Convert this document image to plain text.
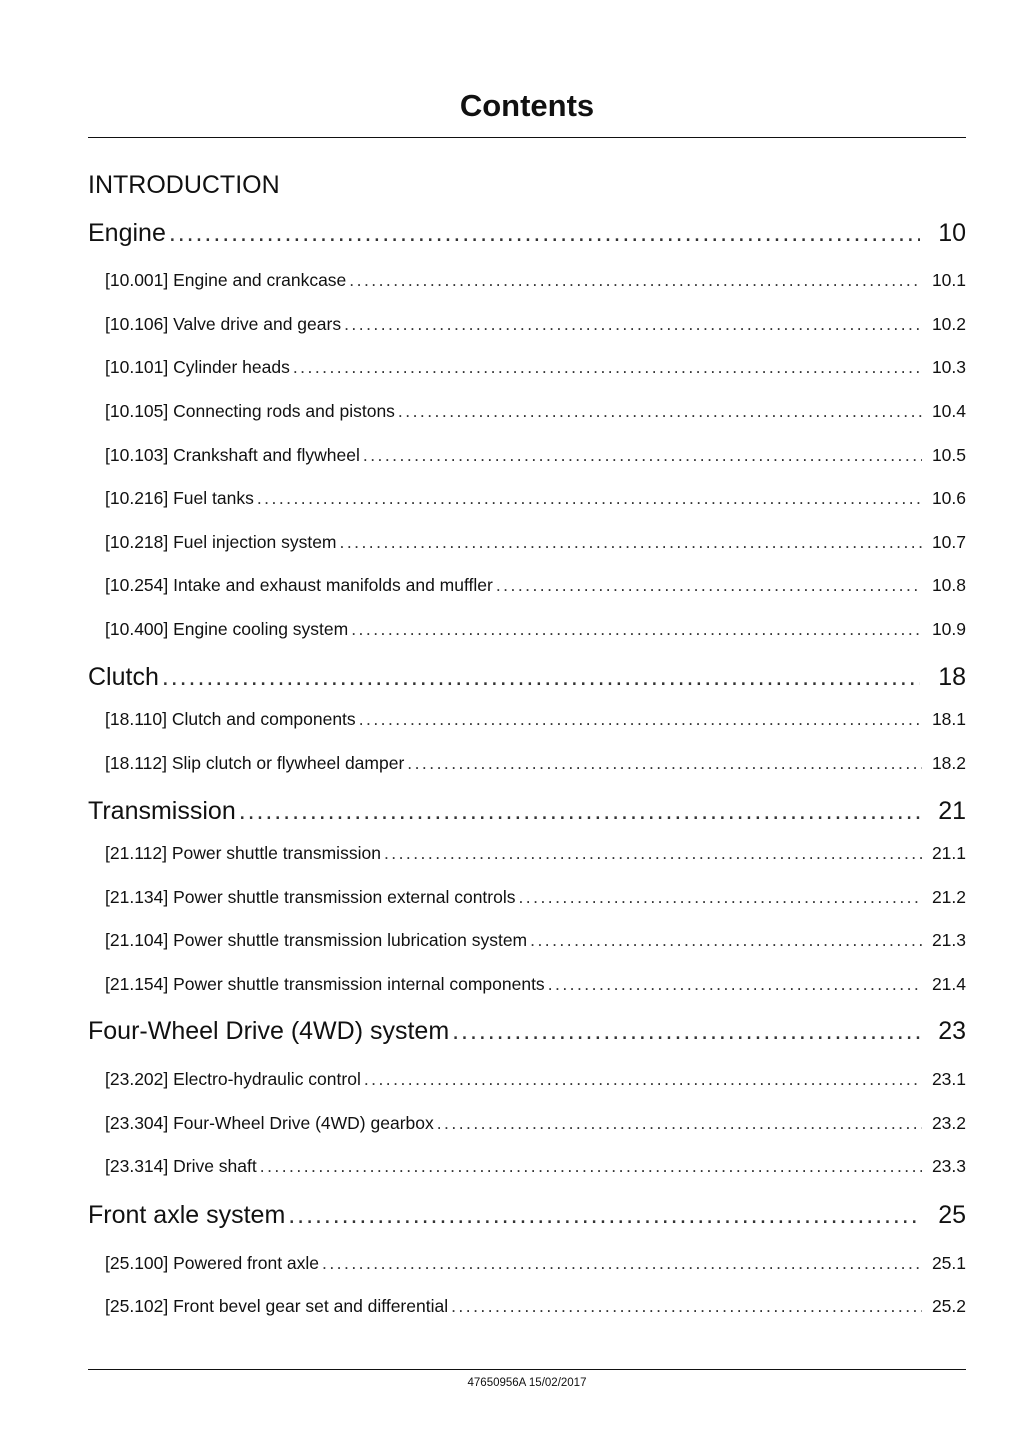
Contents
INTRODUCTION
Engine . . .	10
[10.001] Engine and crankcase . . .	10.1
[10.106] Valve drive and gears . . .	10.2
[10.101] Cylinder heads . . .	10.3
[10.105] Connecting rods and pistons . . .	10.4
[10.103] Crankshaft and flywheel . . .	10.5
[10.216] Fuel tanks . . .	10.6
[10.218] Fuel injection system . . .	10.7
[10.254] Intake and exhaust manifolds and muffler . . .	10.8
[10.400] Engine cooling system . . .	10.9
Clutch . . .	18
[18.110] Clutch and components . . .	18.1
[18.112] Slip clutch or flywheel damper . . .	18.2
Transmission . . .	21
[21.112] Power shuttle transmission . . .	21.1
[21.134] Power shuttle transmission external controls . . .	21.2
[21.104] Power shuttle transmission lubrication system . . .	21.3
[21.154] Power shuttle transmission internal components . . .	21.4
Four-Wheel Drive (4WD) system . . .	23
[23.202] Electro-hydraulic control . . .	23.1
[23.304] Four-Wheel Drive (4WD) gearbox . . .	23.2
[23.314] Drive shaft . . .	23.3
Front axle system . . .	25
[25.100] Powered front axle . . .	25.1
[25.102] Front bevel gear set and differential . . .	25.2
47650956A 15/02/2017
